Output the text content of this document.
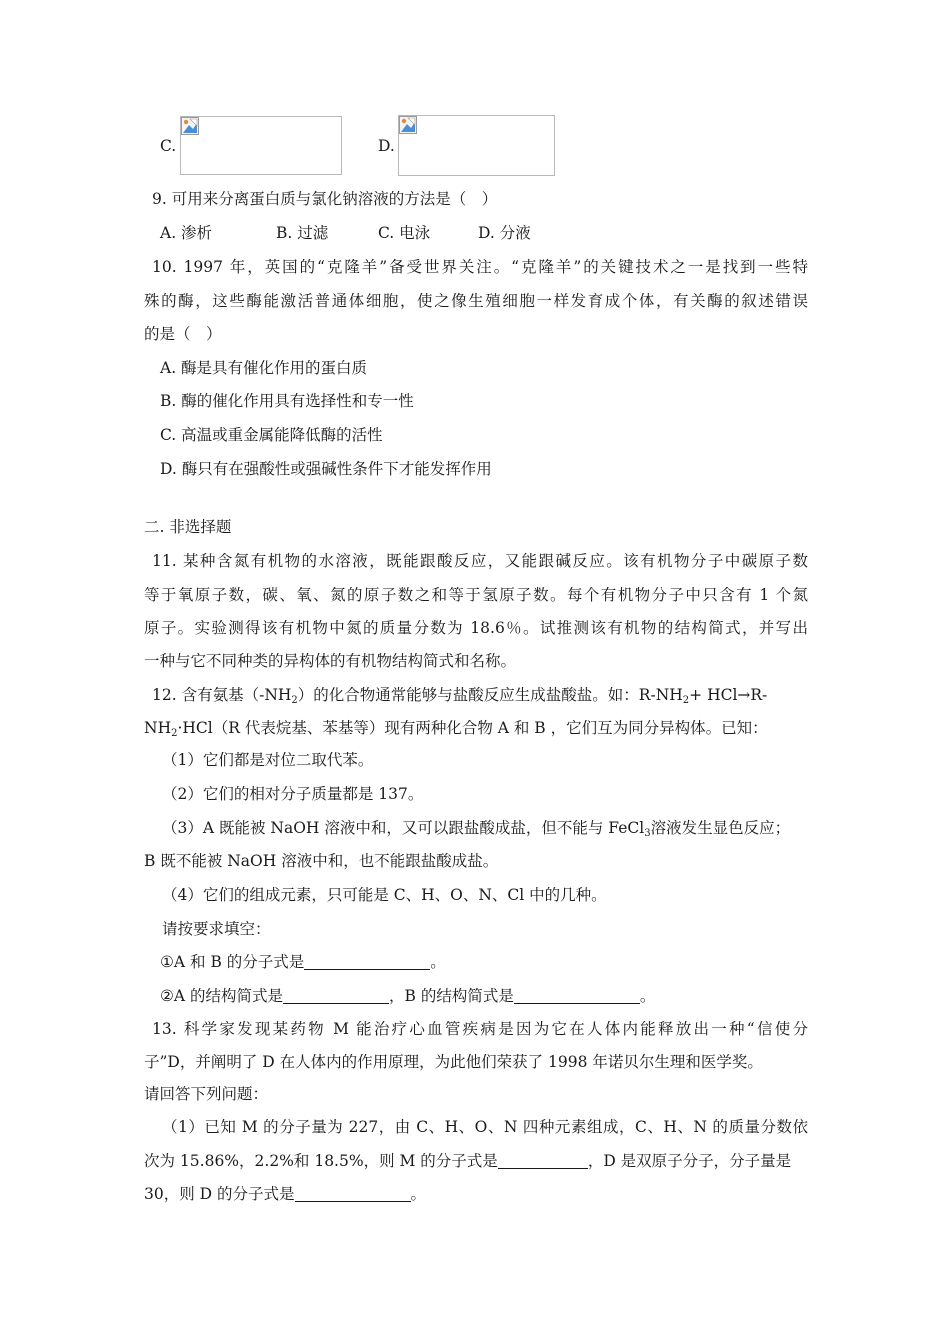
C.	D.
9. 可用来分离蛋白质与氯化钠溶液的方法是（　）
A. 渗析	B. 过滤	C. 电泳	D. 分液
10. 1997 年，英国的“克隆羊”备受世界关注。“克隆羊”的关键技术之一是找到一些特
殊的酶，这些酶能激活普通体细胞，使之像生殖细胞一样发育成个体，有关酶的叙述错误
的是（　）
A. 酶是具有催化作用的蛋白质
B. 酶的催化作用具有选择性和专一性
C. 高温或重金属能降低酶的活性
D. 酶只有在强酸性或强碱性条件下才能发挥作用
二. 非选择题
11. 某种含氮有机物的水溶液，既能跟酸反应，又能跟碱反应。该有机物分子中碳原子数
等于氧原子数，碳、氧、氮的原子数之和等于氢原子数。每个有机物分子中只含有 1 个氮
原子。实验测得该有机物中氮的质量分数为 18.6％。试推测该有机物的结构简式，并写出
一种与它不同种类的异构体的有机物结构简式和名称。
12. 含有氨基$(-NH_2)$的化合物通常能够与盐酸反应生成盐酸盐。如：$R-NH_2+ HCl\to R-$
$NH_2\cdot HCl(R$ 代表烷基、苯基等）现有两种化合物 A 和 B ，它们互为同分异构体。已知：
（1）它们都是对位二取代苯。
（2）它们的相对分子质量都是 137。
（3）A 既能被 NaOH 溶液中和，又可以跟盐酸成盐，但不能与 FeCl$_3$溶液发生显色反应；
B 既不能被 NaOH 溶液中和，也不能跟盐酸成盐。
（4）它们的组成元素，只可能是 C、H、O、N、Cl 中的几种。
请按要求填空：
①A 和 B 的分子式是	。
②A 的结构简式是	，B 的结构简式是	。
13. 科学家发现某药物 M 能治疗心血管疾病是因为它在人体内能释放出一种“信使分
子”D，并阐明了 D 在人体内的作用原理，为此他们荣获了 1998 年诺贝尔生理和医学奖。
请回答下列问题：
（1）已知 M 的分子量为 227，由 C、H、O、N 四种元素组成，C、H、N 的质量分数依
次为 15.86%，2.2%和 18.5%，则 M 的分子式是	，D 是双原子分子，分子量是
30，则 D 的分子式是	。
